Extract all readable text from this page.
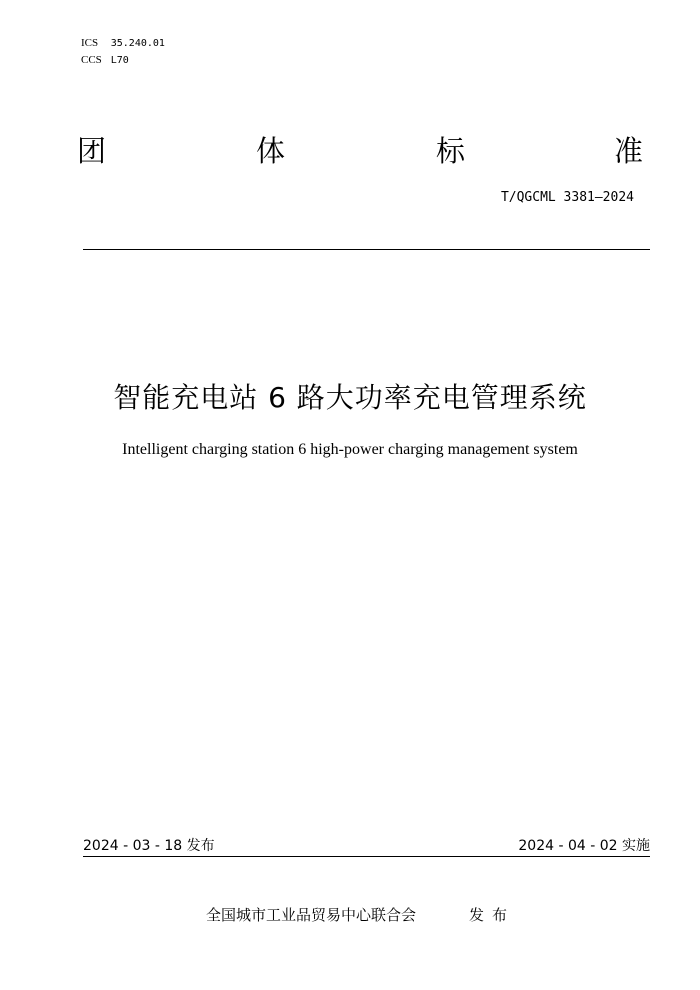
ICS 35.240.01
CCS L70
团	体	标	准
T/QGCML 3381—2024
智能充电站 6 路大功率充电管理系统
Intelligent charging station 6 high-power charging management system
2024 - 03 - 18 发布	2024 - 04 - 02 实施
全国城市工业品贸易中心联合会	发布
